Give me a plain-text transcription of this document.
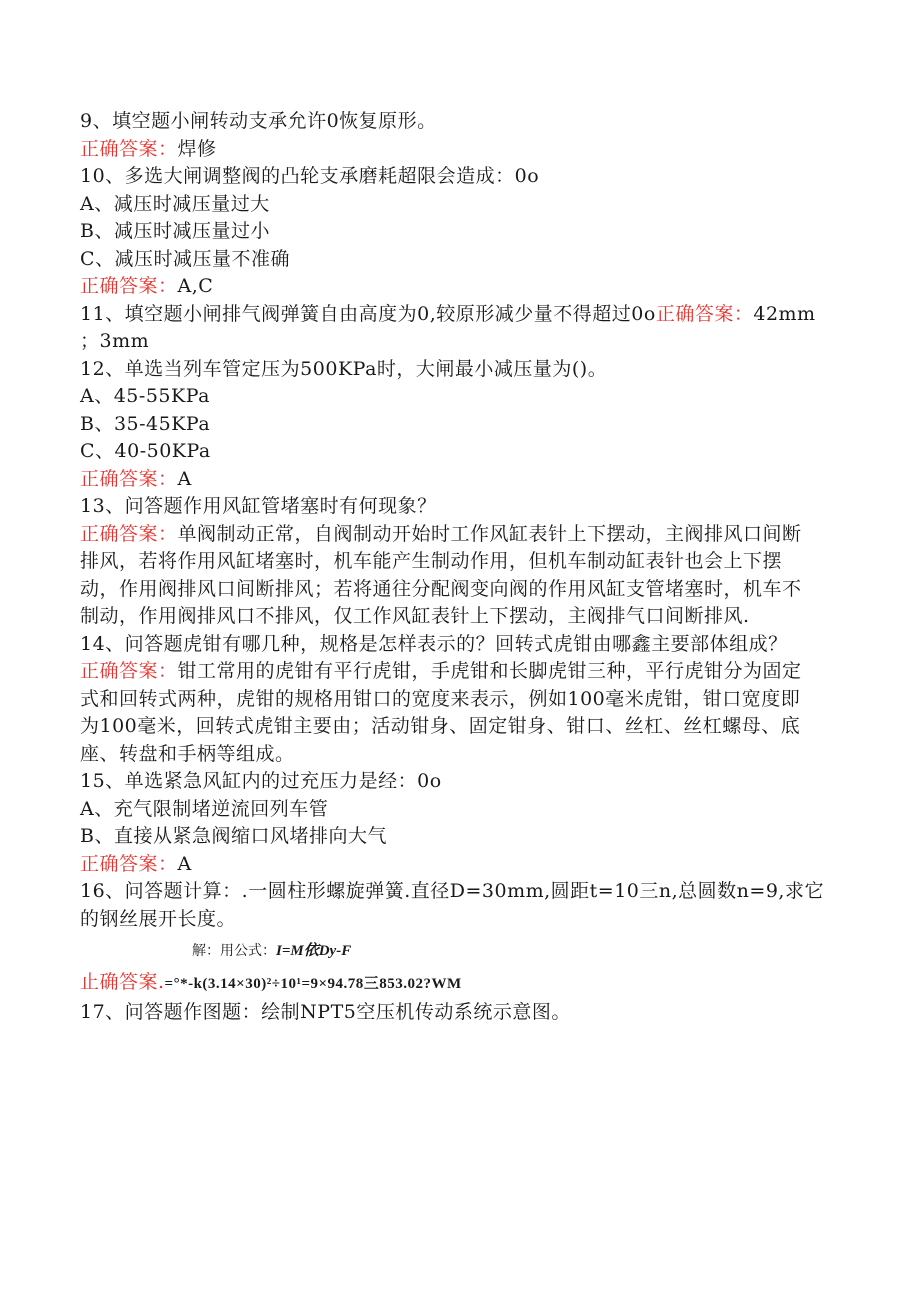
9、填空题小闸转动支承允许0恢复原形。
正确答案：焊修
10、多选大闸调整阀的凸轮支承磨耗超限会造成：0o
A、减压时减压量过大
B、减压时减压量过小
C、减压时减压量不准确
正确答案：A,C
11、填空题小闸排气阀弹簧自由高度为0,较原形减少量不得超过0o正确答案：42mm
；3mm
12、单选当列车管定压为500KPa时，大闸最小减压量为()。
A、45-55KPa
B、35-45KPa
C、40-50KPa
正确答案：A
13、问答题作用风缸管堵塞时有何现象？
正确答案：单阀制动正常，自阀制动开始时工作风缸表针上下摆动，主阀排风口间断
排风，若将作用风缸堵塞时，机车能产生制动作用，但机车制动缸表针也会上下摆
动，作用阀排风口间断排风；若将通往分配阀变向阀的作用风缸支管堵塞时，机车不
制动，作用阀排风口不排风，仅工作风缸表针上下摆动，主阀排气口间断排风.
14、问答题虎钳有哪几种，规格是怎样表示的？回转式虎钳由哪鑫主要部体组成？
正确答案：钳工常用的虎钳有平行虎钳，手虎钳和长脚虎钳三种，平行虎钳分为固定
式和回转式两种，虎钳的规格用钳口的宽度来表示，例如100毫米虎钳，钳口宽度即
为100毫米，回转式虎钳主要由；活动钳身、固定钳身、钳口、丝杠、丝杠螺母、底
座、转盘和手柄等组成。
15、单选紧急风缸内的过充压力是经：0o
A、充气限制堵逆流回列车管
B、直接从紧急阀缩口风堵排向大气
正确答案：A
16、问答题计算：.一圆柱形螺旋弹簧.直径D=30mm,圆距t=10三n,总圆数n=9,求它
的钢丝展开长度。
解：用公式：I=M依Dy-F
止确答案.=°*-k(3.14×30)²÷10¹=9×94.78三853.02?WM
17、问答题作图题：绘制NPT5空压机传动系统示意图。
